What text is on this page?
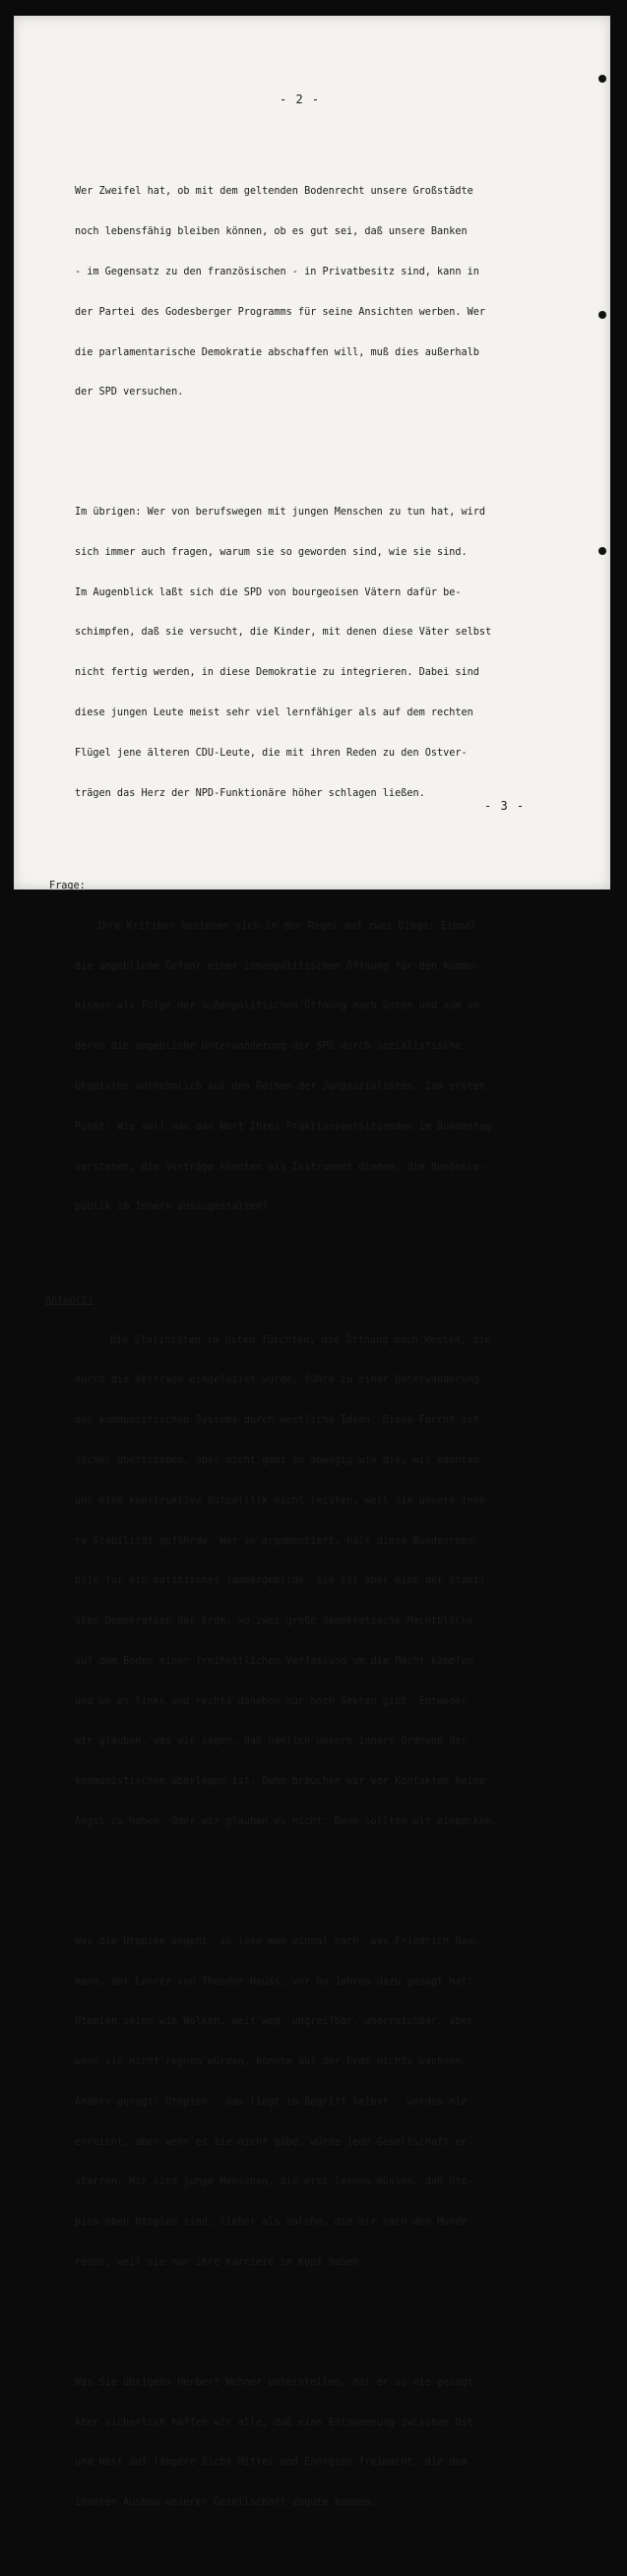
- 2 -

Wer Zweifel hat, ob mit dem geltenden Bodenrecht unsere Großstädte

noch lebensfähig bleiben können, ob es gut sei, daß unsere Banken

- im Gegensatz zu den französischen - in Privatbesitz sind, kann in

der Partei des Godesberger Programms für seine Ansichten werben. Wer

die parlamentarische Demokratie abschaffen will, muß dies außerhalb

der SPD versuchen.

Im übrigen: Wer von berufswegen mit jungen Menschen zu tun hat, wird

sich immer auch fragen, warum sie so geworden sind, wie sie sind.

Im Augenblick laßt sich die SPD von bourgeoisen Vätern dafür be-

schimpfen, daß sie versucht, die Kinder, mit denen diese Väter selbst

nicht fertig werden, in diese Demokratie zu integrieren. Dabei sind

diese jungen Leute meist sehr viel lernfähiger als auf dem rechten

Flügel jene älteren CDU-Leute, die mit ihren Reden zu den Ostver-

trägen das Herz der NPD-Funktionäre höher schlagen ließen.

Frage:

Ihre Kritiker beziehen sich in der Regel auf zwei Dinge: Einmal

die angebliche Gefahr einer innenpolitischen Öffnung für den Kommu-

nismus als Folge der außenpolitischen Öffnung nach Osten und zum an-

deren die angebliche Unterwanderung der SPD durch sozialistische

Utopisten vornehmlich aus den Reihen der Jungsozialisten. Zum ersten

Punkt: Wie soll man das Wort Ihres Fraktionsvorsitzenden im Bundestag

verstehen, die Verträge könnten als Instrument dienen, die Bundesre-

publik im Innern auszugestalten?

Antwort:

Die Stalinisten im Osten fürchten, die Öffnung nach Westen, die

durch die Verträge eingeleitet wurde, führe zu einer Unterwanderung

des kommunistischen Systems durch westliche Ideen. Diese Furcht ist

sicher übertrieben, aber nicht ganz so abwegig wie die, wir könnten

uns eine konstruktive Ostpolitik nicht leisten, weil sie unsere inne-

re Stabilität gefährde. Wer so argumentiert, hält diese Bundesrepu-

blik für ein politisches Jammergebilde. Sie ist aber eine der stabil-

sten Demokratien der Erde, wo zwei große demokratische Machtblöcke

auf dem Boden einer freiheitlichen Verfassung um die Macht kämpfen

und wo es links und rechts daneben nur noch Sekten gibt. Entweder

wir glauben, was wir sagen, daß nämlich unsere innere Ordnung der

kommunistischen überlegen ist. Dann brauchen wir vor Kontakten keine

Angst zu haben. Oder wir glauben es nicht. Dann sollten wir einpacken.

Was die Utopien angeht, so lese man einmal nach, was Friedrich Nau-

mann, der Lehrer von Theodor Heuss, vor 6o Jahren dazu gesagt hat:

Utopien seien wie Wolken, weit weg, ungreifbar, unerreichbar, aber

wenn sie nicht regnen würden, könnte auf der Erde nichts wachsen.

Anders gesagt: Utopien - das liegt im Begriff selbst - werden nie

erreicht, aber wenn es sie nicht gäbe, würde jede Gesellschaft er-

starren. Mir sind junge Menschen, die erst lernen müssen, daß Uto-

pien eben Utopien sind, lieber als solche, die mir nach dem Munde

reden, weil sie nur ihre Karriere im Kopf haben.

Was Sie übrigens Herbert Wehner unterstellen, hat er so nie gesagt.

Aber sicherlich hoffen wir alle, daß eine Entspannung zwischen Ost

und West auf längere Sicht Mittel und Energien freimacht, die dem

inneren Ausbau unserer Gesellschaft zugute kommen.

- 3 -
